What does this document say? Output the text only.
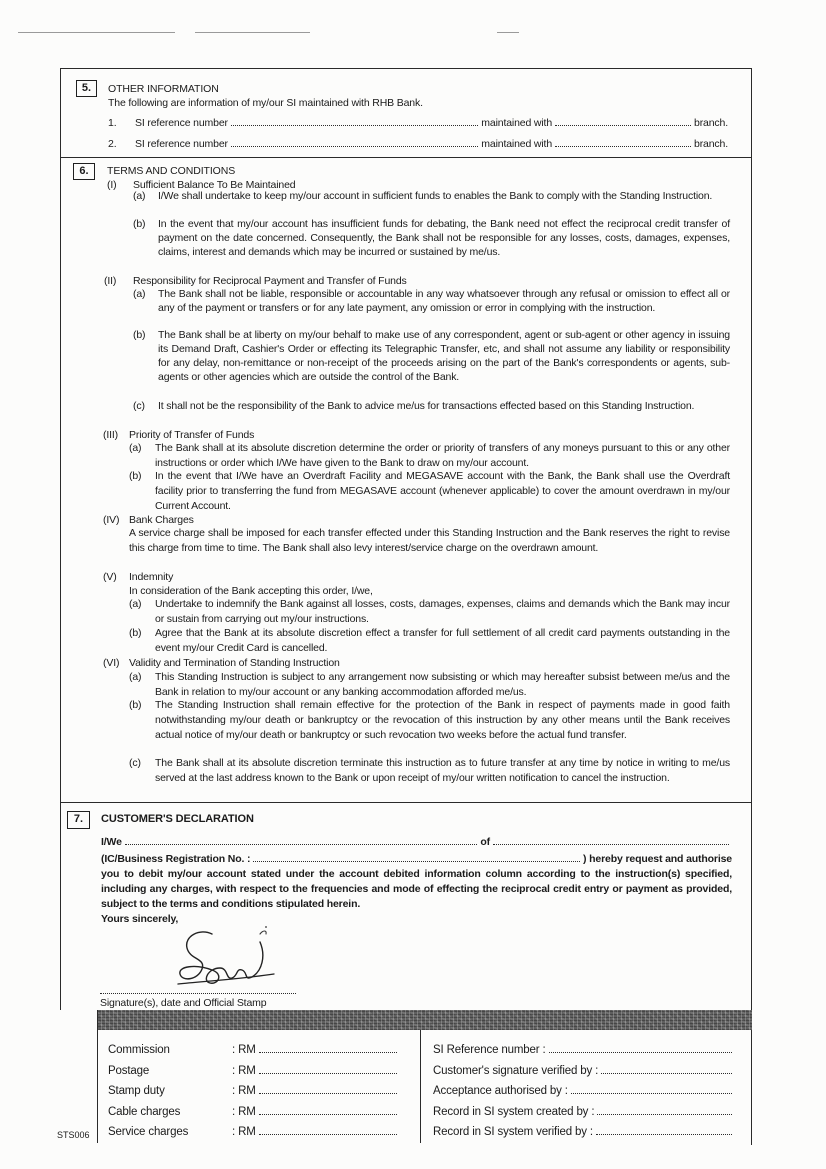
5.	OTHER INFORMATION
The following are information of my/our SI maintained with RHB Bank.
1.	SI reference number	maintained with	branch.
2.	SI reference number	maintained with	branch.
6.	TERMS AND CONDITIONS
(I) Sufficient Balance To Be Maintained
(a) I/We shall undertake to keep my/our account in sufficient funds to enables the Bank to comply with the Standing Instruction.
(b) In the event that my/our account has insufficient funds for debating, the Bank need not effect the reciprocal credit transfer of payment on the date concerned. Consequently, the Bank shall not be responsible for any losses, costs, damages, expenses, claims, interest and demands which may be incurred or sustained by me/us.
(II) Responsibility for Reciprocal Payment and Transfer of Funds
(a) The Bank shall not be liable, responsible or accountable in any way whatsoever through any refusal or omission to effect all or any of the payment or transfers or for any late payment, any omission or error in complying with the instruction.
(b) The Bank shall be at liberty on my/our behalf to make use of any correspondent, agent or sub-agent or other agency in issuing its Demand Draft, Cashier's Order or effecting its Telegraphic Transfer, etc, and shall not assume any liability or responsibility for any delay, non-remittance or non-receipt of the proceeds arising on the part of the Bank's correspondents or agents, sub-agents or other agencies which are outside the control of the Bank.
(c) It shall not be the responsibility of the Bank to advice me/us for transactions effected based on this Standing Instruction.
(III) Priority of Transfer of Funds
(a) The Bank shall at its absolute discretion determine the order or priority of transfers of any moneys pursuant to this or any other instructions or order which I/We have given to the Bank to draw on my/our account.
(b) In the event that I/We have an Overdraft Facility and MEGASAVE account with the Bank, the Bank shall use the Overdraft facility prior to transferring the fund from MEGASAVE account (whenever applicable) to cover the amount overdrawn in my/our Current Account.
(IV) Bank Charges
A service charge shall be imposed for each transfer effected under this Standing Instruction and the Bank reserves the right to revise this charge from time to time. The Bank shall also levy interest/service charge on the overdrawn amount.
(V) Indemnity
In consideration of the Bank accepting this order, I/we,
(a) Undertake to indemnify the Bank against all losses, costs, damages, expenses, claims and demands which the Bank may incur or sustain from carrying out my/our instructions.
(b) Agree that the Bank at its absolute discretion effect a transfer for full settlement of all credit card payments outstanding in the event my/our Credit Card is cancelled.
(VI) Validity and Termination of Standing Instruction
(a) This Standing Instruction is subject to any arrangement now subsisting or which may hereafter subsist between me/us and the Bank in relation to my/our account or any banking accommodation afforded me/us.
(b) The Standing Instruction shall remain effective for the protection of the Bank in respect of payments made in good faith notwithstanding my/our death or bankruptcy or the revocation of this instruction by any other means until the Bank receives actual notice of my/our death or bankruptcy or such revocation two weeks before the actual fund transfer.
(c) The Bank shall at its absolute discretion terminate this instruction as to future transfer at any time by notice in writing to me/us served at the last address known to the Bank or upon receipt of my/our written notification to cancel the instruction.
7.	CUSTOMER'S DECLARATION
I/We	of
(IC/Business Registration No. :	) hereby request and authorise
you to debit my/our account stated under the account debited information column according to the instruction(s) specified, including any charges, with respect to the frequencies and mode of effecting the reciprocal credit entry or payment as provided, subject to the terms and conditions stipulated herein.
Yours sincerely,
Signature(s), date and Official Stamp
Commission	: RM
Postage	: RM
Stamp duty	: RM
Cable charges	: RM
Service charges	: RM
SI Reference number :
Customer's signature verified by :
Acceptance authorised by :
Record in SI system created by :
Record in SI system verified by :
STS006
